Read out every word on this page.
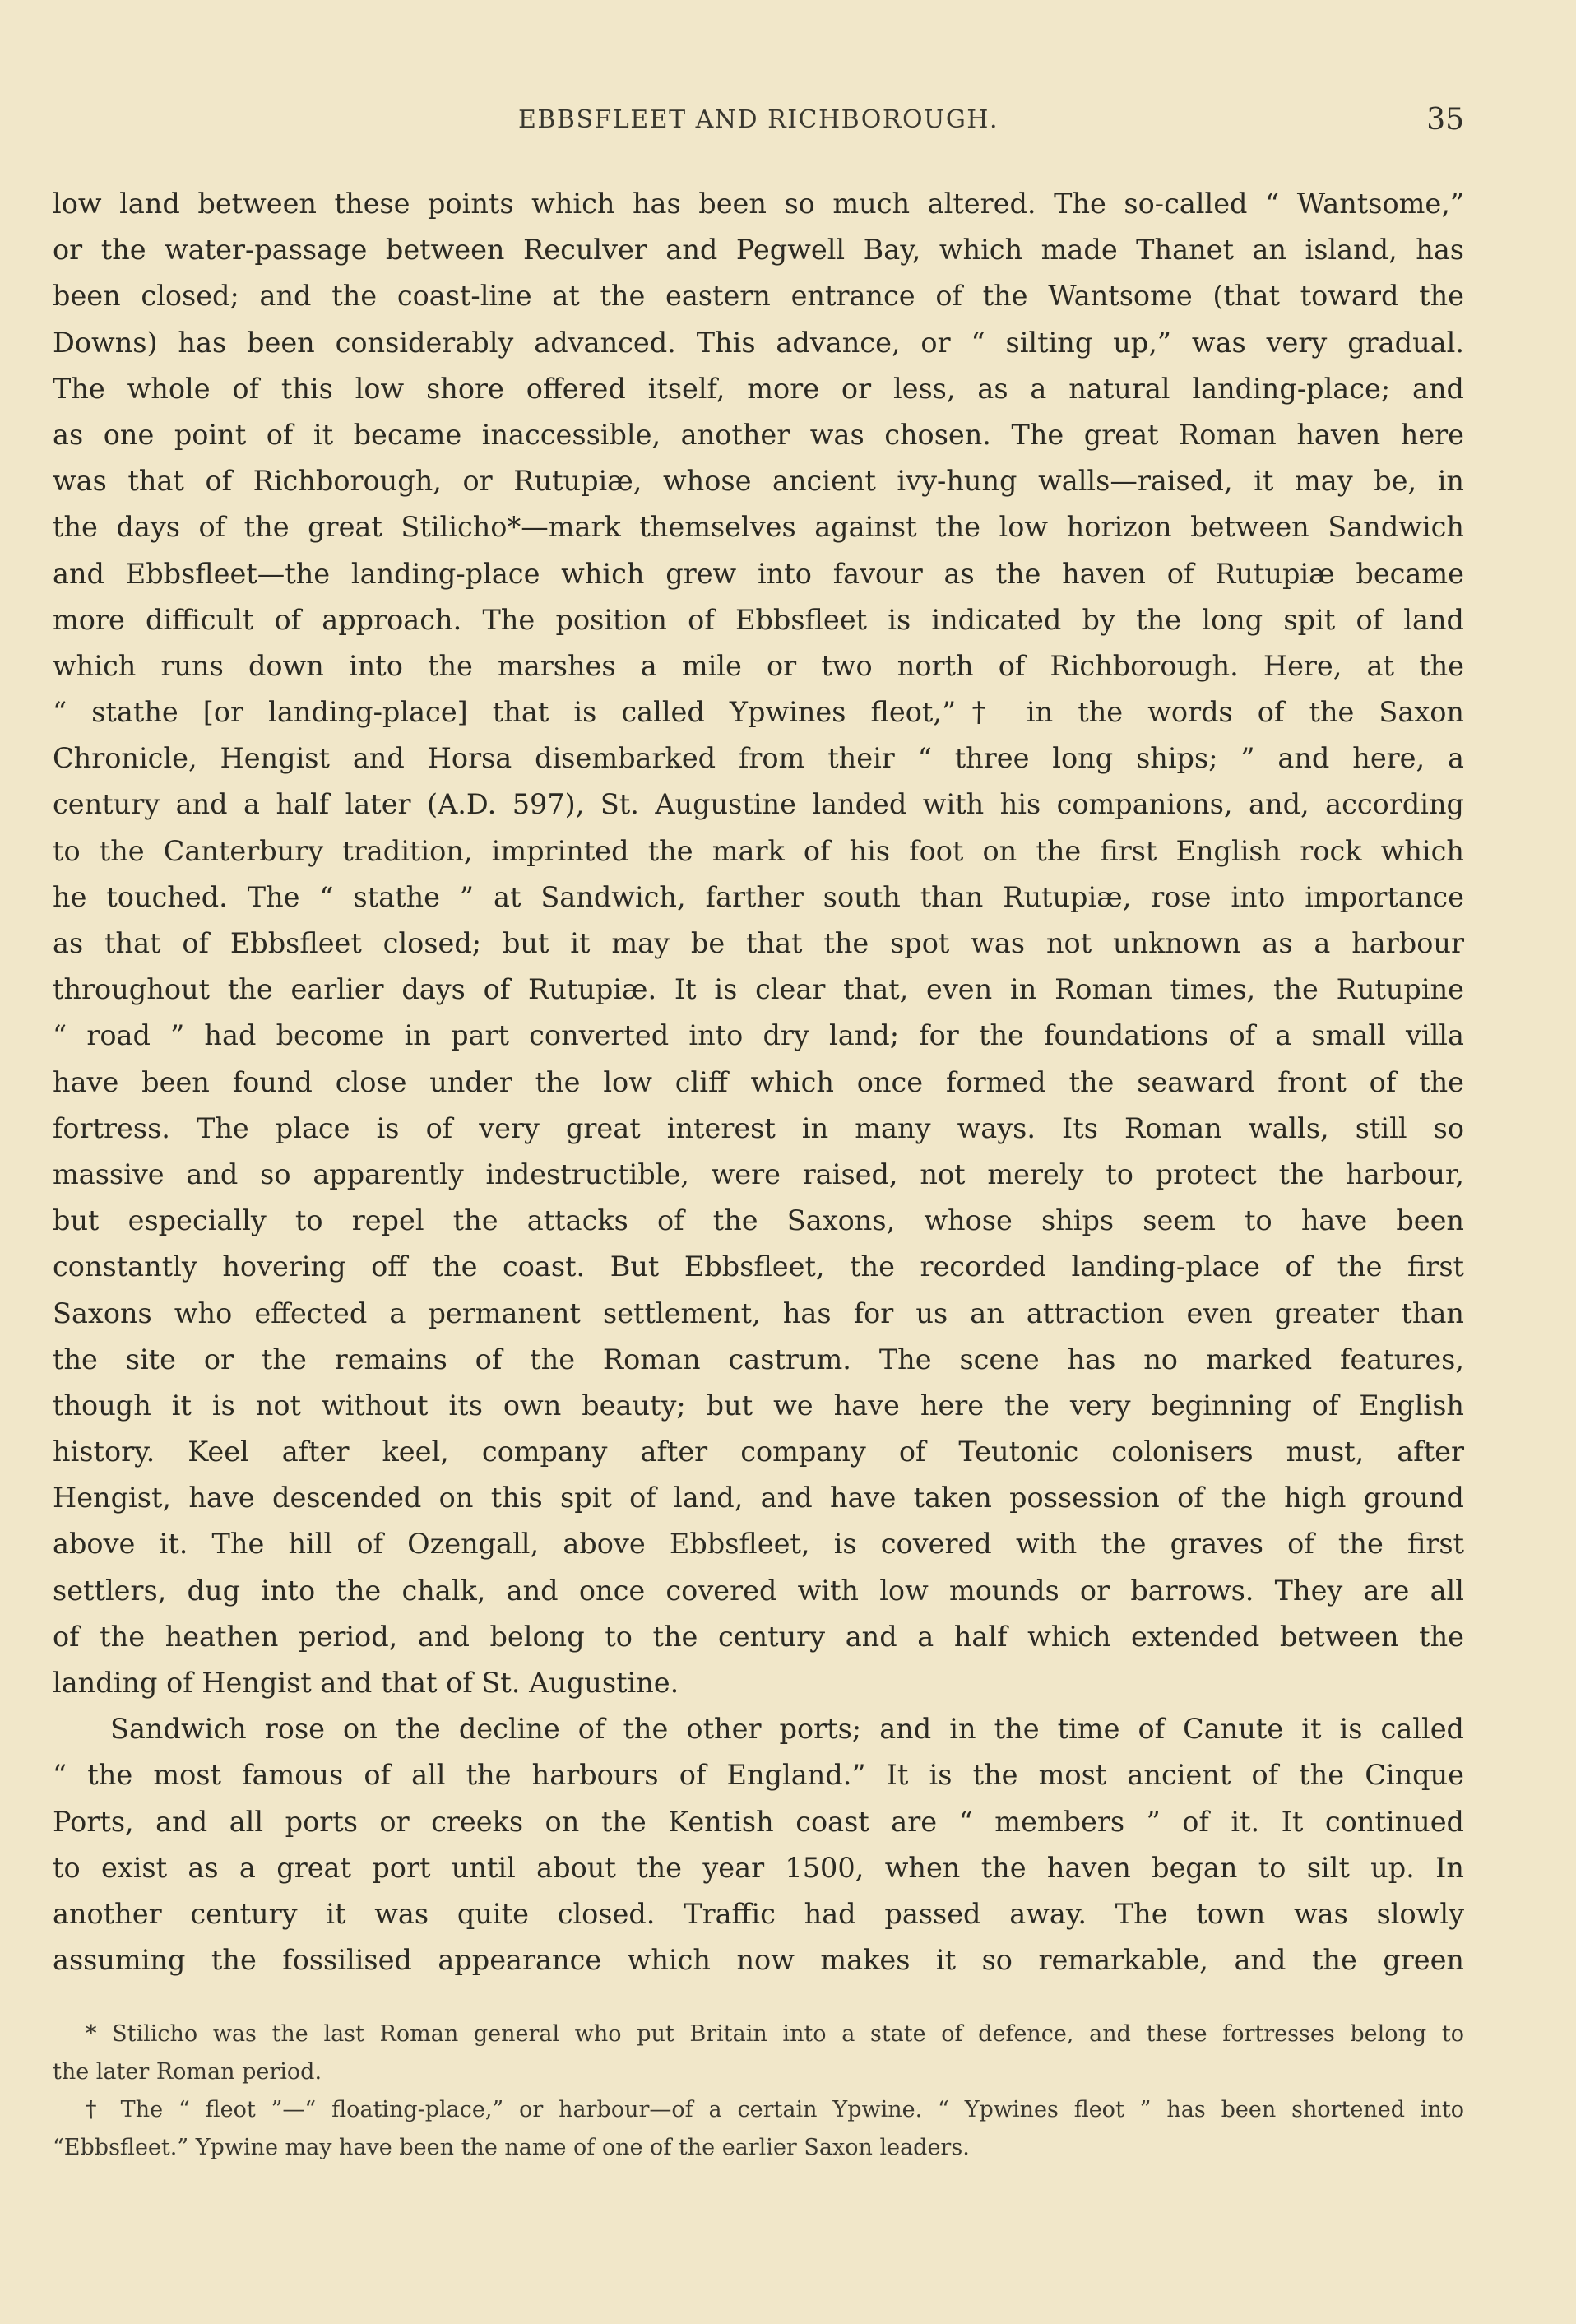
EBBSFLEET AND RICHBOROUGH.	35
low land between these points which has been so much altered. The so-called “ Wantsome,”
or the water-passage between Reculver and Pegwell Bay, which made Thanet an island, has
been closed; and the coast-line at the eastern entrance of the Wantsome (that toward the
Downs) has been considerably advanced. This advance, or “ silting up,” was very gradual.
The whole of this low shore offered itself, more or less, as a natural landing-place; and
as one point of it became inaccessible, another was chosen. The great Roman haven here
was that of Richborough, or Rutupiæ, whose ancient ivy-hung walls—raised, it may be, in
the days of the great Stilicho*—mark themselves against the low horizon between Sandwich
and Ebbsfleet—the landing-place which grew into favour as the haven of Rutupiæ became
more difficult of approach. The position of Ebbsfleet is indicated by the long spit of land
which runs down into the marshes a mile or two north of Richborough. Here, at the
“ stathe [or landing-place] that is called Ypwines fleot,”† in the words of the Saxon
Chronicle, Hengist and Horsa disembarked from their “ three long ships; ” and here, a
century and a half later (A.D. 597), St. Augustine landed with his companions, and, according
to the Canterbury tradition, imprinted the mark of his foot on the first English rock which
he touched. The “ stathe ” at Sandwich, farther south than Rutupiæ, rose into importance
as that of Ebbsfleet closed; but it may be that the spot was not unknown as a harbour
throughout the earlier days of Rutupiæ. It is clear that, even in Roman times, the Rutupine
“ road ” had become in part converted into dry land; for the foundations of a small villa
have been found close under the low cliff which once formed the seaward front of the
fortress. The place is of very great interest in many ways. Its Roman walls, still so
massive and so apparently indestructible, were raised, not merely to protect the harbour,
but especially to repel the attacks of the Saxons, whose ships seem to have been
constantly hovering off the coast. But Ebbsfleet, the recorded landing-place of the first
Saxons who effected a permanent settlement, has for us an attraction even greater than
the site or the remains of the Roman castrum. The scene has no marked features,
though it is not without its own beauty; but we have here the very beginning of English
history. Keel after keel, company after company of Teutonic colonisers must, after
Hengist, have descended on this spit of land, and have taken possession of the high ground
above it. The hill of Ozengall, above Ebbsfleet, is covered with the graves of the first
settlers, dug into the chalk, and once covered with low mounds or barrows. They are all
of the heathen period, and belong to the century and a half which extended between the
landing of Hengist and that of St. Augustine.
Sandwich rose on the decline of the other ports; and in the time of Canute it is called
“ the most famous of all the harbours of England.” It is the most ancient of the Cinque
Ports, and all ports or creeks on the Kentish coast are “ members ” of it. It continued
to exist as a great port until about the year 1500, when the haven began to silt up. In
another century it was quite closed. Traffic had passed away. The town was slowly
assuming the fossilised appearance which now makes it so remarkable, and the green
* Stilicho was the last Roman general who put Britain into a state of defence, and these fortresses belong to
the later Roman period.
† The “ fleot ”—“ floating-place,” or harbour—of a certain Ypwine. “ Ypwines fleot ” has been shortened into
“Ebbsfleet.” Ypwine may have been the name of one of the earlier Saxon leaders.
